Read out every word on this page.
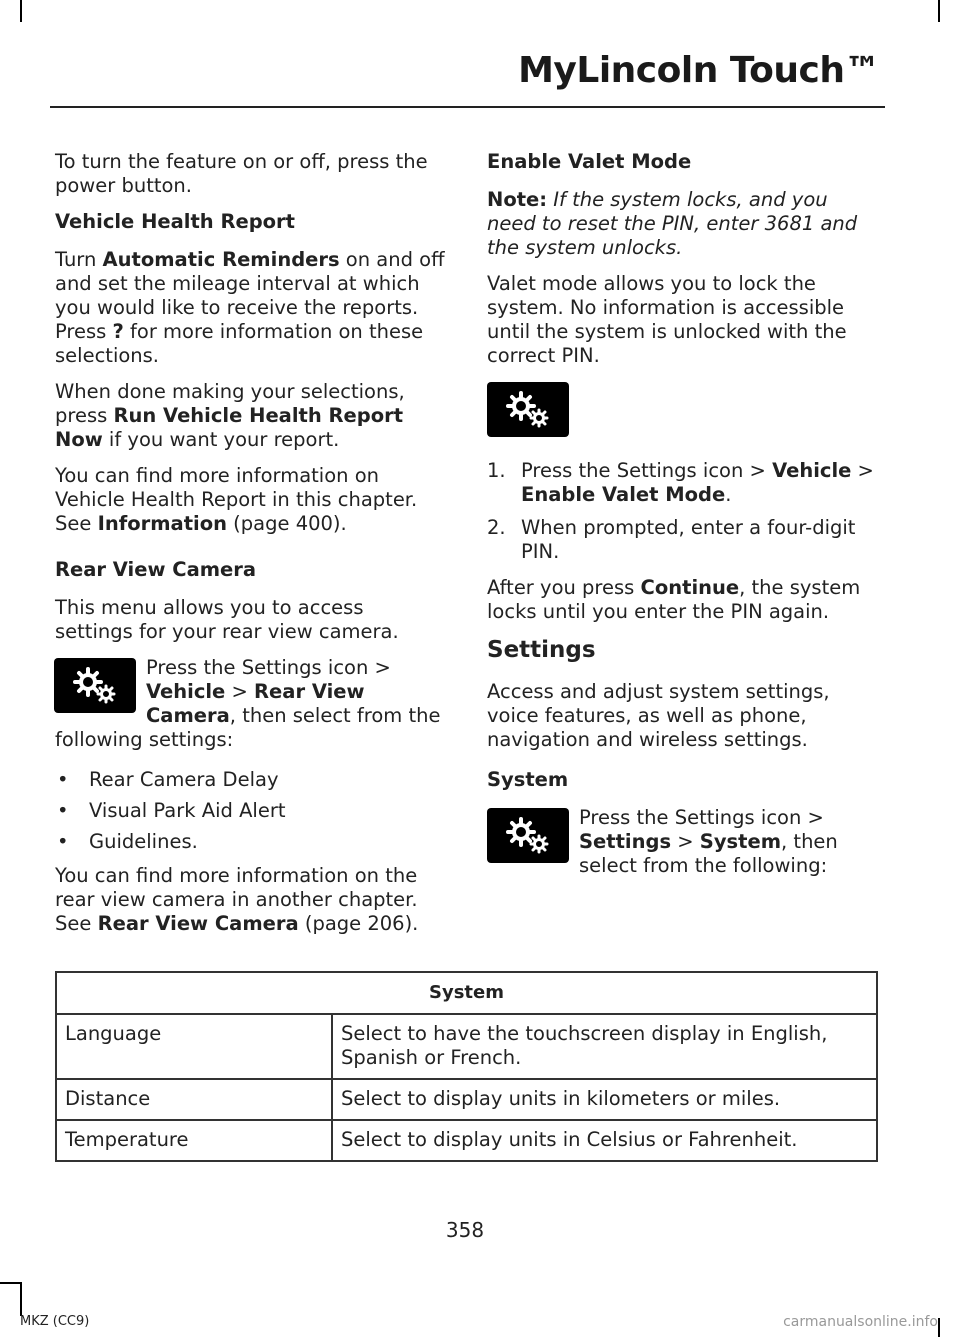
MyLincoln Touch™

To turn the feature on or off, press the power button.

Vehicle Health Report

Turn Automatic Reminders on and off and set the mileage interval at which you would like to receive the reports. Press ? for more information on these selections.

When done making your selections, press Run Vehicle Health Report Now if you want your report.

You can find more information on Vehicle Health Report in this chapter. See Information (page 400).

Rear View Camera

This menu allows you to access settings for your rear view camera.

Press the Settings icon > Vehicle > Rear View Camera, then select from the following settings:

• Rear Camera Delay
• Visual Park Aid Alert
• Guidelines.

You can find more information on the rear view camera in another chapter. See Rear View Camera (page 206).

Enable Valet Mode

Note: If the system locks, and you need to reset the PIN, enter 3681 and the system unlocks.

Valet mode allows you to lock the system. No information is accessible until the system is unlocked with the correct PIN.

1. Press the Settings icon > Vehicle > Enable Valet Mode.
2. When prompted, enter a four-digit PIN.

After you press Continue, the system locks until you enter the PIN again.

Settings

Access and adjust system settings, voice features, as well as phone, navigation and wireless settings.

System

Press the Settings icon > Settings > System, then select from the following:

System	
Language	Select to have the touchscreen display in English, Spanish or French.
Distance	Select to display units in kilometers or miles.
Temperature	Select to display units in Celsius or Fahrenheit.
358
MKZ (CC9)	carmanualsonline.info
